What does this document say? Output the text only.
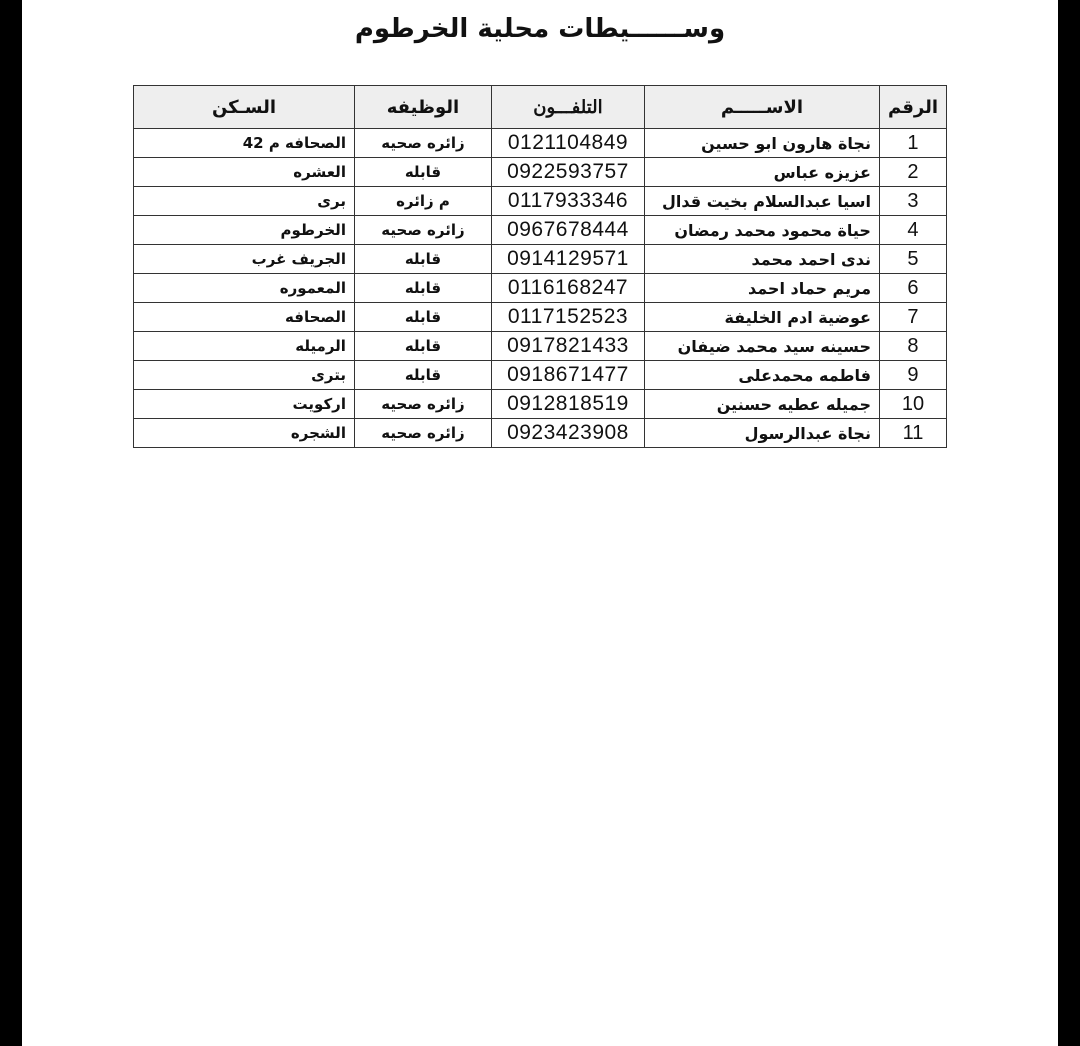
وســــــيطات محلية الخرطوم
الرقم	الاســـــم	التلفـــون	الوظيفه	السـكن
1	نجاة هارون ابو حسين	0121104849	زائره صحيه	الصحافه م 42
2	عزيزه عباس	0922593757	قابله	العشره
3	اسيا عبدالسلام بخيت قدال	0117933346	م زائره	برى
4	حياة محمود محمد رمضان	0967678444	زائره صحيه	الخرطوم
5	ندى احمد محمد	0914129571	قابله	الجريف غرب
6	مريم حماد احمد	0116168247	قابله	المعموره
7	عوضية ادم الخليفة	0117152523	قابله	الصحافه
8	حسينه سيد محمد ضيفان	0917821433	قابله	الرميله
9	فاطمه محمدعلى	0918671477	قابله	بترى
10	جميله عطيه حسنين	0912818519	زائره صحيه	اركويت
11	نجاة عبدالرسول	0923423908	زائره صحيه	الشجره
